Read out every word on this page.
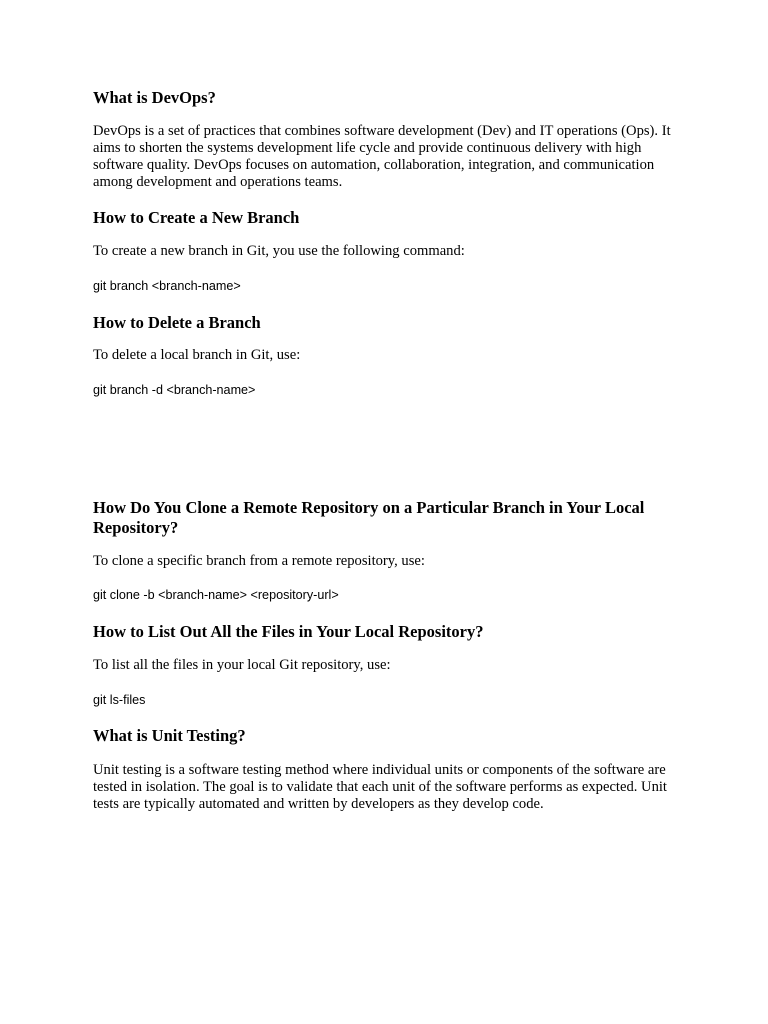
What is DevOps?

DevOps is a set of practices that combines software development (Dev) and IT operations (Ops). It aims to shorten the systems development life cycle and provide continuous delivery with high software quality. DevOps focuses on automation, collaboration, integration, and communication among development and operations teams.

How to Create a New Branch

To create a new branch in Git, you use the following command:

git branch <branch-name>

How to Delete a Branch

To delete a local branch in Git, use:

git branch -d <branch-name>

How Do You Clone a Remote Repository on a Particular Branch in Your Local Repository?

To clone a specific branch from a remote repository, use:

git clone -b <branch-name> <repository-url>

How to List Out All the Files in Your Local Repository?

To list all the files in your local Git repository, use:

git ls-files

What is Unit Testing?

Unit testing is a software testing method where individual units or components of the software are tested in isolation. The goal is to validate that each unit of the software performs as expected. Unit tests are typically automated and written by developers as they develop code.
